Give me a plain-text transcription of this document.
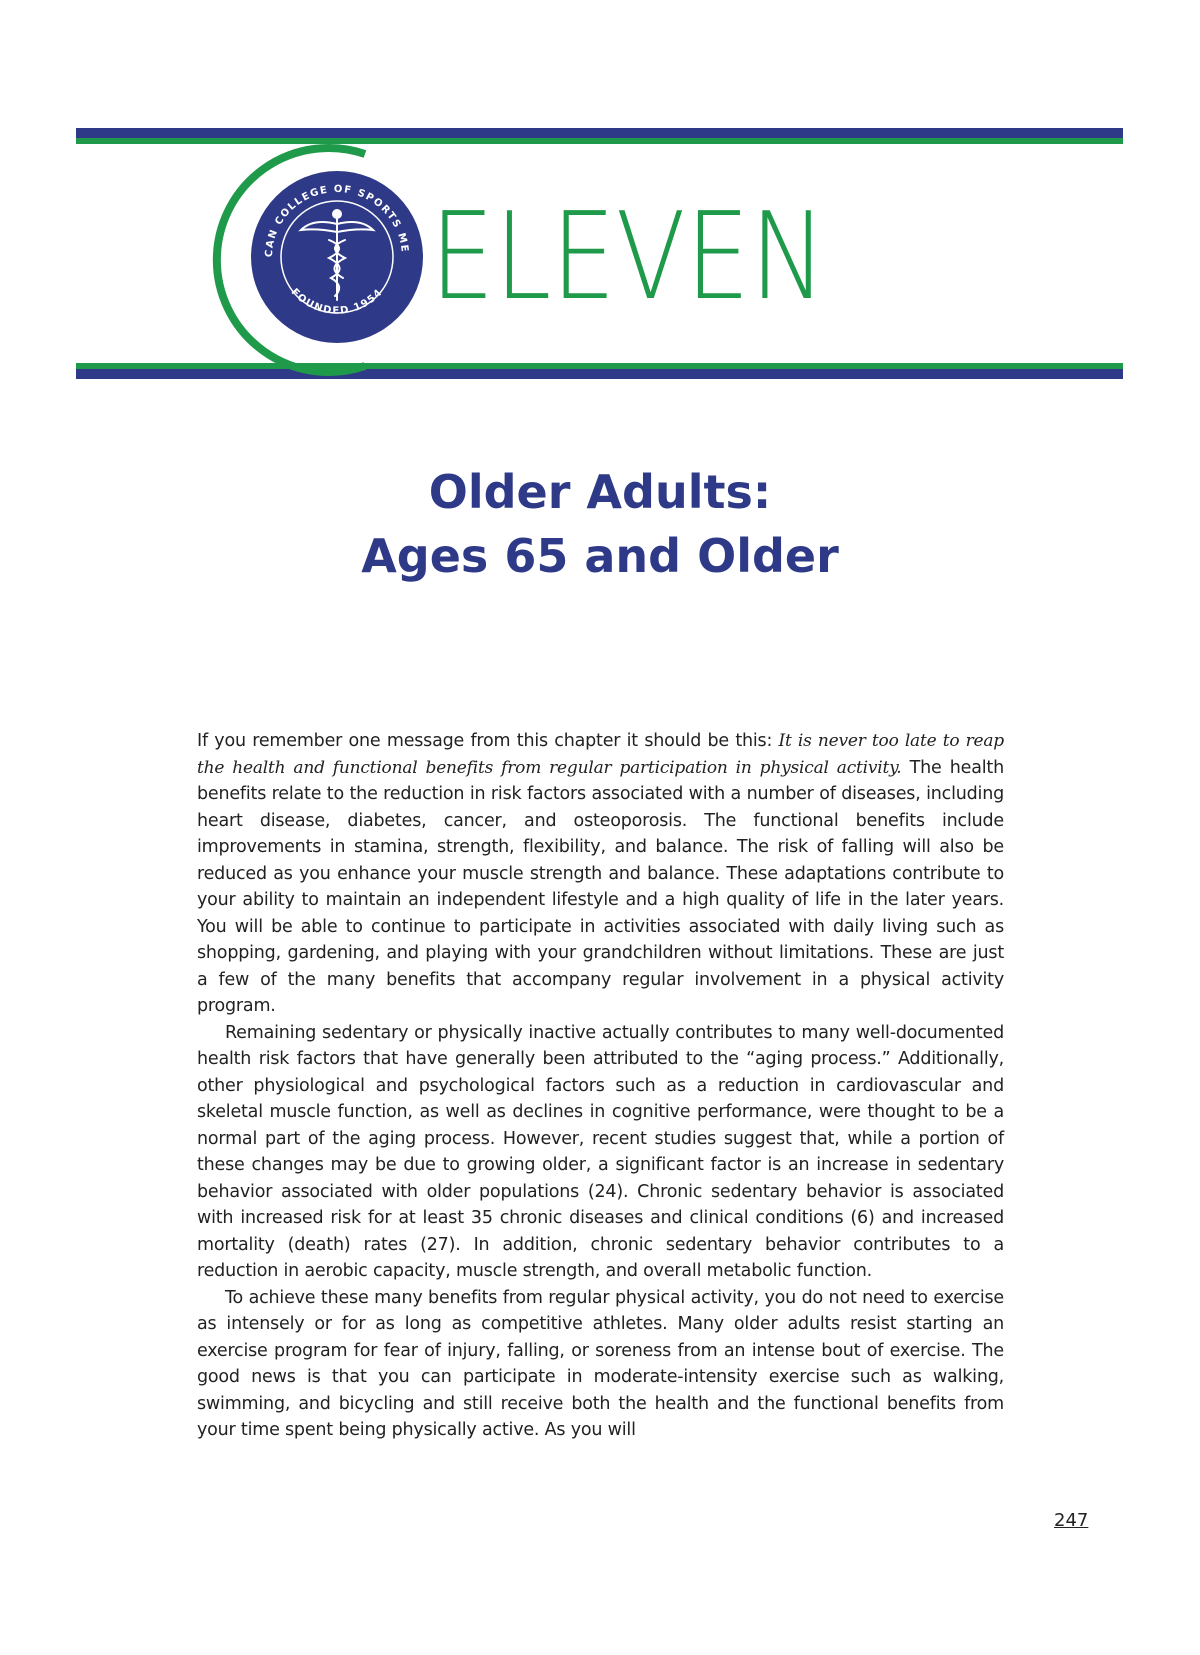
CAN COLLEGE OF SPORTS ME
FOUNDED 1954
® ELEVEN
Older Adults:
Ages 65 and Older

If you remember one message from this chapter it should be this: It is never too late to reap the health and functional benefits from regular participation in physical activity. The health benefits relate to the reduction in risk factors associated with a number of diseases, including heart disease, diabetes, cancer, and osteoporosis. The functional benefits include improvements in stamina, strength, flexibility, and balance. The risk of falling will also be reduced as you enhance your muscle strength and balance. These adaptations contribute to your ability to maintain an independent lifestyle and a high quality of life in the later years. You will be able to continue to participate in activities associated with daily living such as shopping, gardening, and playing with your grandchildren without limitations. These are just a few of the many benefits that accompany regular involvement in a physical activity program.

Remaining sedentary or physically inactive actually contributes to many well-documented health risk factors that have generally been attributed to the “aging process.” Additionally, other physiological and psychological factors such as a reduction in cardiovascular and skeletal muscle function, as well as declines in cognitive performance, were thought to be a normal part of the aging process. However, recent studies suggest that, while a portion of these changes may be due to growing older, a significant factor is an increase in sedentary behavior associated with older populations (24). Chronic sedentary behavior is associated with increased risk for at least 35 chronic diseases and clinical conditions (6) and increased mortality (death) rates (27). In addition, chronic sedentary behavior contributes to a reduction in aerobic capacity, muscle strength, and overall metabolic function.

To achieve these many benefits from regular physical activity, you do not need to exercise as intensely or for as long as competitive athletes. Many older adults resist starting an exercise program for fear of injury, falling, or soreness from an intense bout of exercise. The good news is that you can participate in moderate-intensity exercise such as walking, swimming, and bicycling and still receive both the health and the functional benefits from your time spent being physically active. As you will

247
